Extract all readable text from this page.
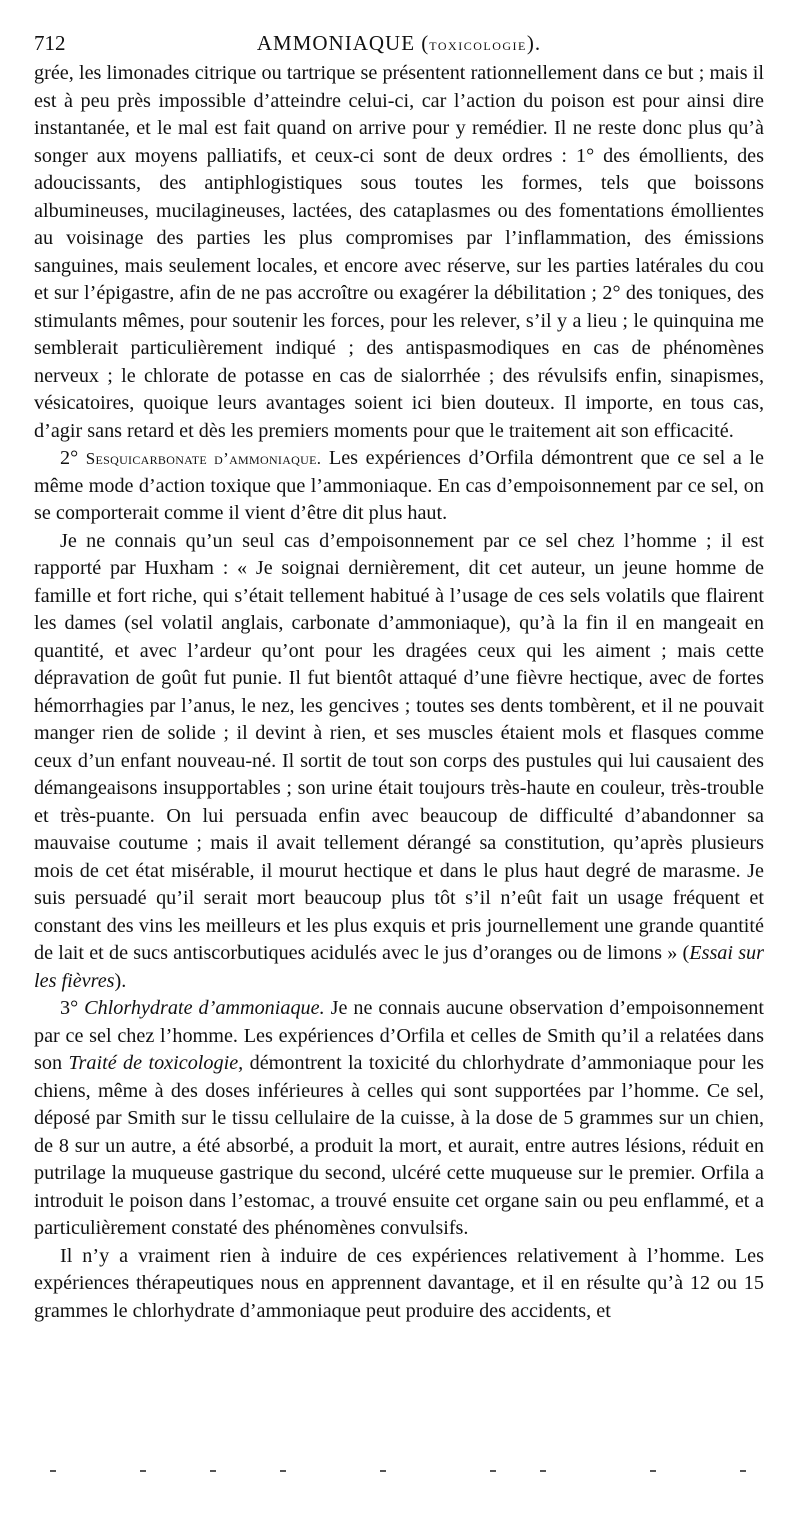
712	AMMONIAQUE (toxicologie).

grée, les limonades citrique ou tartrique se présentent rationnellement dans ce but ; mais il est à peu près impossible d’atteindre celui-ci, car l’action du poison est pour ainsi dire instantanée, et le mal est fait quand on arrive pour y remédier. Il ne reste donc plus qu’à songer aux moyens palliatifs, et ceux-ci sont de deux ordres : 1° des émollients, des adoucissants, des antiphlogistiques sous toutes les formes, tels que boissons albumineuses, mucilagineuses, lactées, des cataplasmes ou des fomentations émollientes au voisinage des parties les plus compromises par l’inflammation, des émissions sanguines, mais seulement locales, et encore avec réserve, sur les parties latérales du cou et sur l’épigastre, afin de ne pas accroître ou exagérer la débilitation ; 2° des toniques, des stimulants mêmes, pour soutenir les forces, pour les relever, s’il y a lieu ; le quinquina me semblerait particulièrement indiqué ; des antispasmodiques en cas de phénomènes nerveux ; le chlorate de potasse en cas de sialorrhée ; des révulsifs enfin, sinapismes, vésicatoires, quoique leurs avantages soient ici bien douteux. Il importe, en tous cas, d’agir sans retard et dès les premiers moments pour que le traitement ait son efficacité.

2° Sesquicarbonate d’ammoniaque. Les expériences d’Orfila démontrent que ce sel a le même mode d’action toxique que l’ammoniaque. En cas d’empoisonnement par ce sel, on se comporterait comme il vient d’être dit plus haut.

Je ne connais qu’un seul cas d’empoisonnement par ce sel chez l’homme ; il est rapporté par Huxham : « Je soignai dernièrement, dit cet auteur, un jeune homme de famille et fort riche, qui s’était tellement habitué à l’usage de ces sels volatils que flairent les dames (sel volatil anglais, carbonate d’ammoniaque), qu’à la fin il en mangeait en quantité, et avec l’ardeur qu’ont pour les dragées ceux qui les aiment ; mais cette dépravation de goût fut punie. Il fut bientôt attaqué d’une fièvre hectique, avec de fortes hémorrhagies par l’anus, le nez, les gencives ; toutes ses dents tombèrent, et il ne pouvait manger rien de solide ; il devint à rien, et ses muscles étaient mols et flasques comme ceux d’un enfant nouveau-né. Il sortit de tout son corps des pustules qui lui causaient des démangeaisons insupportables ; son urine était toujours très-haute en couleur, très-trouble et très-puante. On lui persuada enfin avec beaucoup de difficulté d’abandonner sa mauvaise coutume ; mais il avait tellement dérangé sa constitution, qu’après plusieurs mois de cet état misérable, il mourut hectique et dans le plus haut degré de marasme. Je suis persuadé qu’il serait mort beaucoup plus tôt s’il n’eût fait un usage fréquent et constant des vins les meilleurs et les plus exquis et pris journellement une grande quantité de lait et de sucs antiscorbutiques acidulés avec le jus d’oranges ou de limons » (Essai sur les fièvres).

3° Chlorhydrate d’ammoniaque. Je ne connais aucune observation d’empoisonnement par ce sel chez l’homme. Les expériences d’Orfila et celles de Smith qu’il a relatées dans son Traité de toxicologie, démontrent la toxicité du chlorhydrate d’ammoniaque pour les chiens, même à des doses inférieures à celles qui sont supportées par l’homme. Ce sel, déposé par Smith sur le tissu cellulaire de la cuisse, à la dose de 5 grammes sur un chien, de 8 sur un autre, a été absorbé, a produit la mort, et aurait, entre autres lésions, réduit en putrilage la muqueuse gastrique du second, ulcéré cette muqueuse sur le premier. Orfila a introduit le poison dans l’estomac, a trouvé ensuite cet organe sain ou peu enflammé, et a particulièrement constaté des phénomènes convulsifs.

Il n’y a vraiment rien à induire de ces expériences relativement à l’homme. Les expériences thérapeutiques nous en apprennent davantage, et il en résulte qu’à 12 ou 15 grammes le chlorhydrate d’ammoniaque peut produire des accidents, et
